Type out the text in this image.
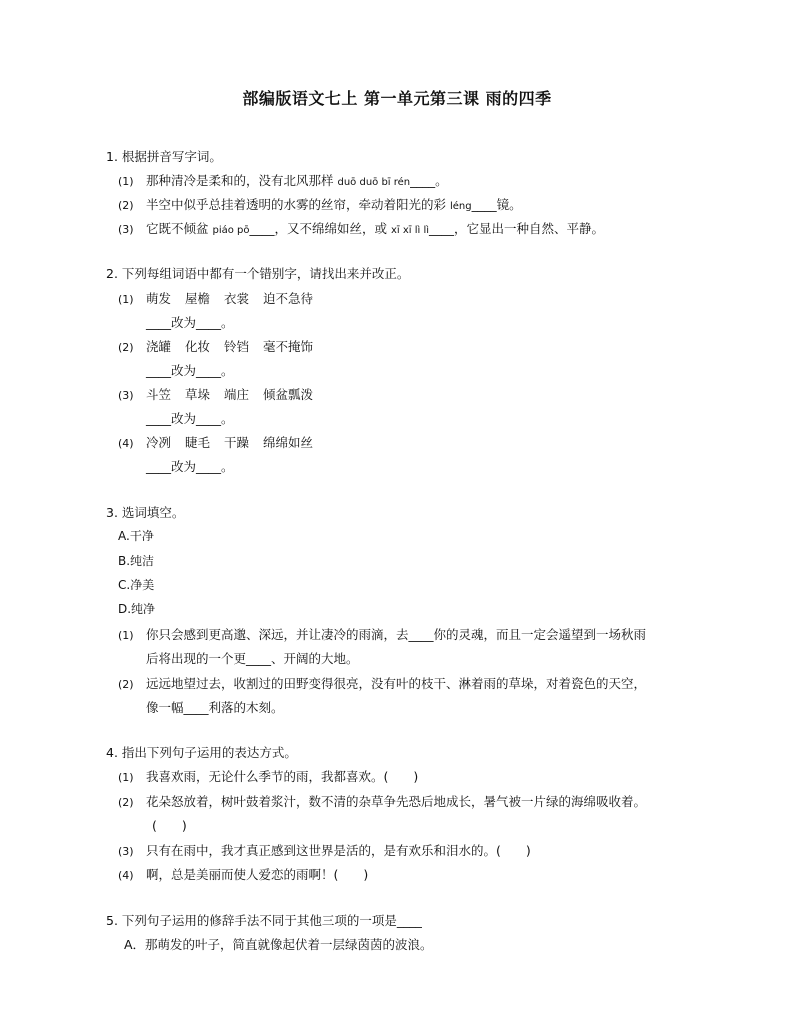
部编版语文七上 第一单元第三课 雨的四季
1. 根据拼音写字词。
(1) 那种清冷是柔和的，没有北风那样 duō duō bī rén____。
(2) 半空中似乎总挂着透明的水雾的丝帘，牵动着阳光的彩 léng____镜。
(3) 它既不倾盆 piáo pō____，又不绵绵如丝，或 xī xī lì lì____，它显出一种自然、平静。
2. 下列每组词语中都有一个错别字，请找出来并改正。
(1) 萌发 屋檐 衣裳 迫不急待
____改为____。
(2) 浇罐 化妆 铃铛 毫不掩饰
____改为____。
(3) 斗笠 草垛 端庄 倾盆瓢泼
____改为____。
(4) 冷冽 睫毛 干躁 绵绵如丝
____改为____。
3. 选词填空。
A.干净
B.纯洁
C.净美
D.纯净
(1) 你只会感到更高邈、深远，并让凄冷的雨滴，去____你的灵魂，而且一定会遥望到一场秋雨
后将出现的一个更____、开阔的大地。
(2) 远远地望过去，收割过的田野变得很亮，没有叶的枝干、淋着雨的草垛，对着瓷色的天空，
像一幅____利落的木刻。
4. 指出下列句子运用的表达方式。
(1) 我喜欢雨，无论什么季节的雨，我都喜欢。(　　)
(2) 花朵怒放着，树叶鼓着浆汁，数不清的杂草争先恐后地成长，暑气被一片绿的海绵吸收着。
(　　)
(3) 只有在雨中，我才真正感到这世界是活的，是有欢乐和泪水的。(　　)
(4) 啊，总是美丽而使人爱恋的雨啊！(　　)
5. 下列句子运用的修辞手法不同于其他三项的一项是____
A．那萌发的叶子，简直就像起伏着一层绿茵茵的波浪。
